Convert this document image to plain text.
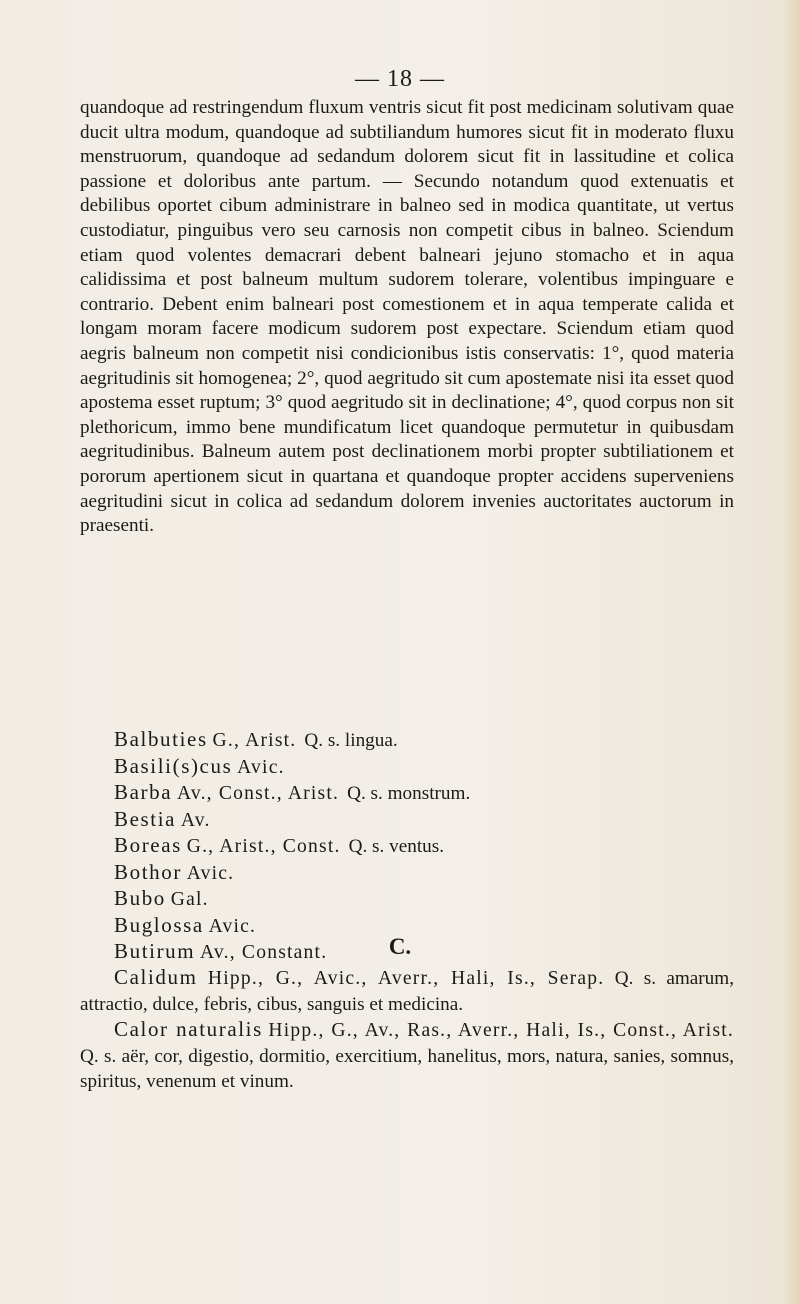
— 18 —

quandoque ad restringendum fluxum ventris sicut fit post medicinam solutivam quae ducit ultra modum, quandoque ad subtiliandum humores sicut fit in moderato fluxu menstruorum, quandoque ad sedandum dolorem sicut fit in lassitudine et colica passione et doloribus ante partum. — Secundo notandum quod extenuatis et debilibus oportet cibum administrare in balneo sed in modica quantitate, ut vertus custodiatur, pinguibus vero seu carnosis non competit cibus in balneo. Sciendum etiam quod volentes demacrari debent balneari jejuno stomacho et in aqua calidissima et post balneum multum sudorem tolerare, volentibus impinguare e contrario. Debent enim balneari post comestionem et in aqua temperate calida et longam moram facere modicum sudorem post expectare. Sciendum etiam quod aegris balneum non competit nisi condicionibus istis conservatis: 1°, quod materia aegritudinis sit homogenea; 2°, quod aegritudo sit cum apostemate nisi ita esset quod apostema esset ruptum; 3° quod aegritudo sit in declinatione; 4°, quod corpus non sit plethoricum, immo bene mundificatum licet quandoque permutetur in quibusdam aegritudinibus. Balneum autem post declinationem morbi propter subtiliationem et pororum apertionem sicut in quartana et quandoque propter accidens superveniens aegritudini sicut in colica ad sedandum dolorem invenies auctoritates auctorum in praesenti.

Balbuties G., Arist. Q. s. lingua.
Basili(s)cus Avic.
Barba Av., Const., Arist. Q. s. monstrum.
Bestia Av.
Boreas G., Arist., Const. Q. s. ventus.
Bothor Avic.
Bubo Gal.
Buglossa Avic.
Butirum Av., Constant.	C.
Calidum Hipp., G., Avic., Averr., Hali, Is., Serap. Q. s. amarum, attractio, dulce, febris, cibus, sanguis et medicina.
Calor naturalis Hipp., G., Av., Ras., Averr., Hali, Is., Const., Arist. Q. s. aër, cor, digestio, dormitio, exercitium, hanelitus, mors, natura, sanies, somnus, spiritus, venenum et vinum.
